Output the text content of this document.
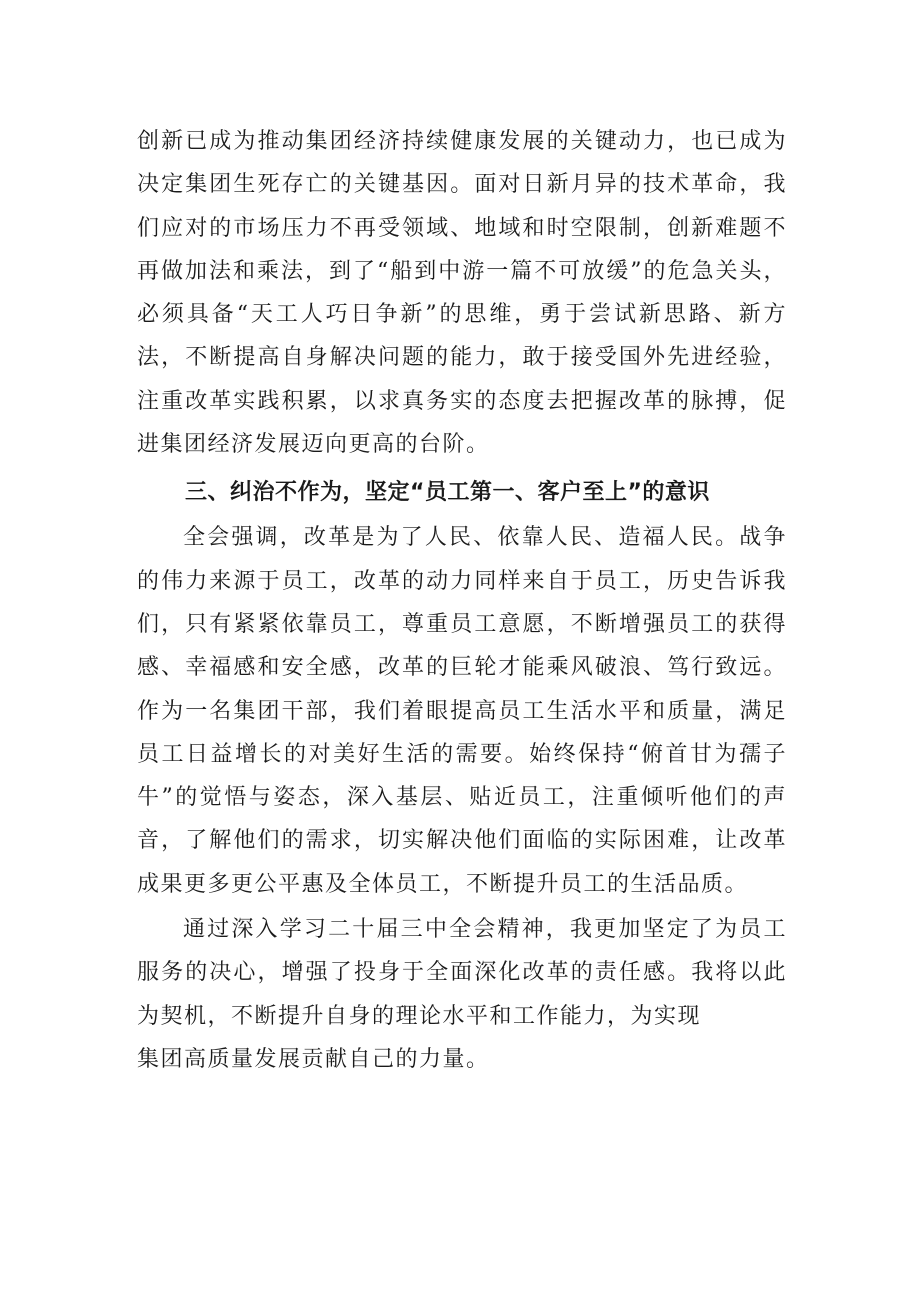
创新已成为推动集团经济持续健康发展的关键动力，也已成为决定集团生死存亡的关键基因。面对日新月异的技术革命，我们应对的市场压力不再受领域、地域和时空限制，创新难题不再做加法和乘法，到了“船到中游一篇不可放缓”的危急关头，必须具备“天工人巧日争新”的思维，勇于尝试新思路、新方法，不断提高自身解决问题的能力，敢于接受国外先进经验，注重改革实践积累，以求真务实的态度去把握改革的脉搏，促进集团经济发展迈向更高的台阶。

三、纠治不作为，坚定“员工第一、客户至上”的意识

全会强调，改革是为了人民、依靠人民、造福人民。战争的伟力来源于员工，改革的动力同样来自于员工，历史告诉我们，只有紧紧依靠员工，尊重员工意愿，不断增强员工的获得感、幸福感和安全感，改革的巨轮才能乘风破浪、笃行致远。作为一名集团干部，我们着眼提高员工生活水平和质量，满足员工日益增长的对美好生活的需要。始终保持“俯首甘为孺子牛”的觉悟与姿态，深入基层、贴近员工，注重倾听他们的声音，了解他们的需求，切实解决他们面临的实际困难，让改革成果更多更公平惠及全体员工，不断提升员工的生活品质。

通过深入学习二十届三中全会精神，我更加坚定了为员工服务的决心，增强了投身于全面深化改革的责任感。我将以此为契机，不断提升自身的理论水平和工作能力，为实现
集团高质量发展贡献自己的力量。
